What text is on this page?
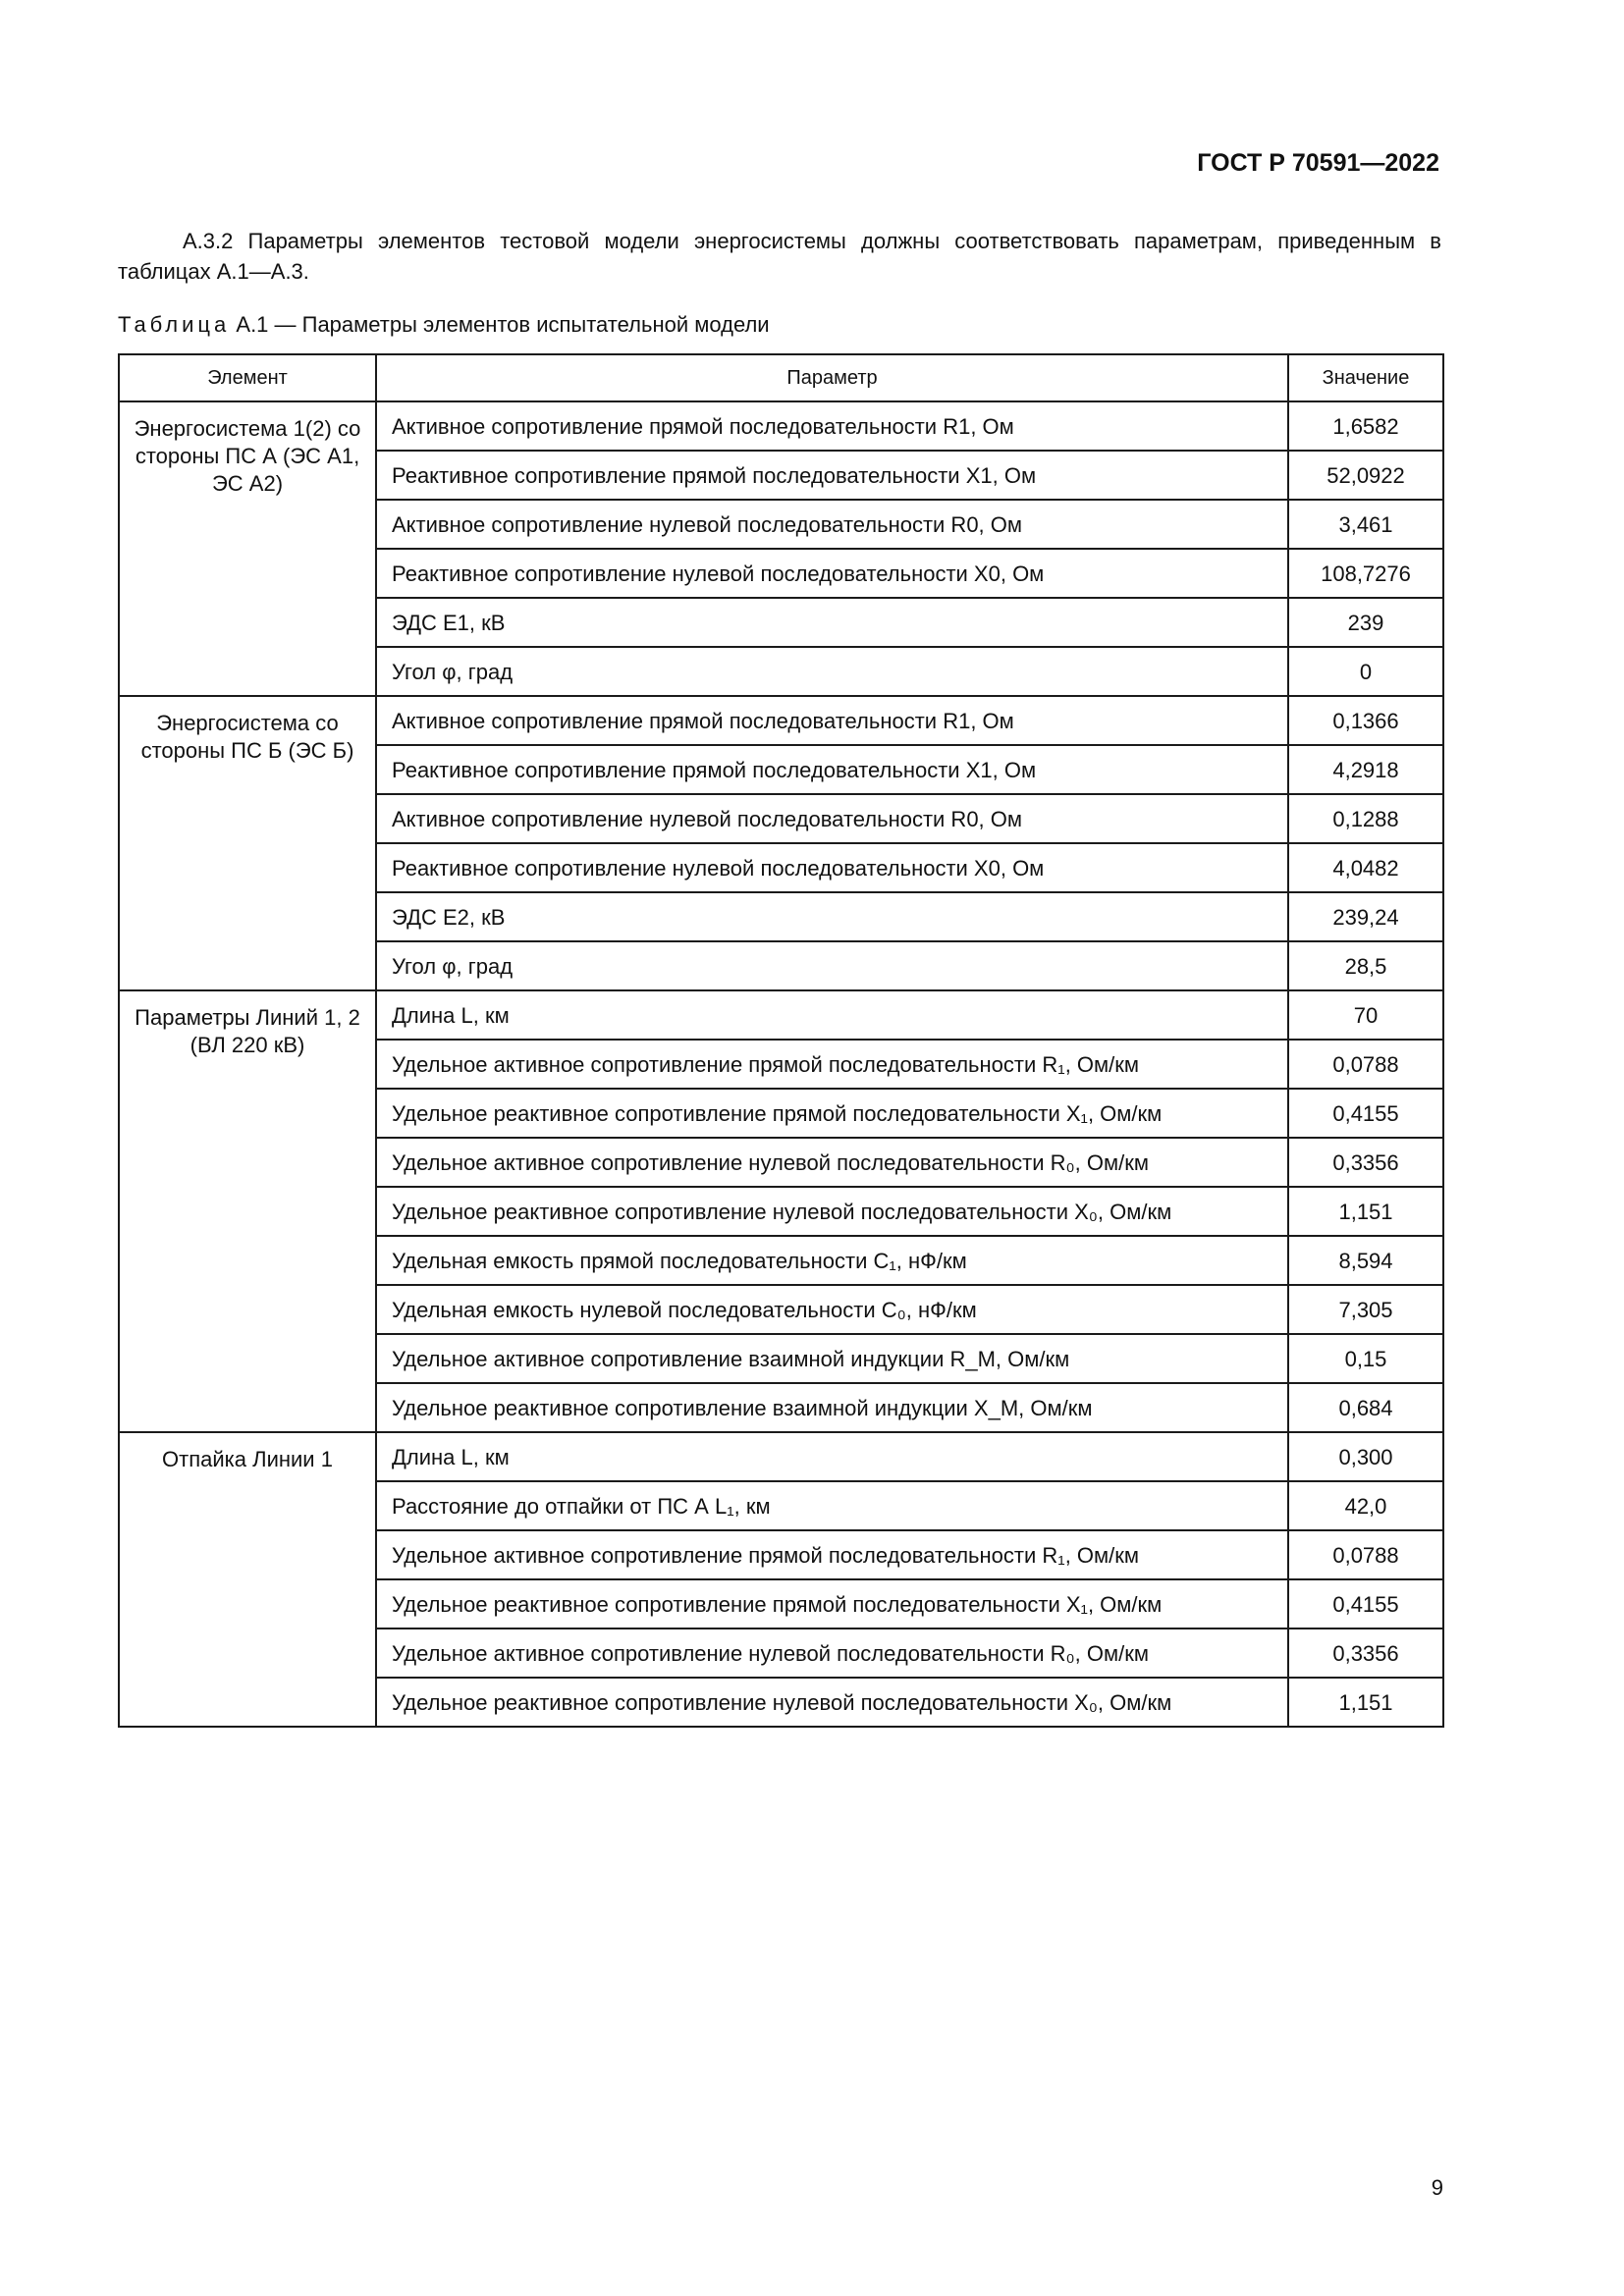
ГОСТ Р 70591—2022

А.3.2 Параметры элементов тестовой модели энергосистемы должны соответствовать параметрам, приведенным в таблицах А.1—А.3.

Таблица А.1 — Параметры элементов испытательной модели
Элемент	Параметр	Значение
Энергосистема 1(2) со стороны ПС А (ЭС А1, ЭС А2)	Активное сопротивление прямой последовательности R1, Ом	1,6582
	Реактивное сопротивление прямой последовательности X1, Ом	52,0922
	Активное сопротивление нулевой последовательности R0, Ом	3,461
	Реактивное сопротивление нулевой последовательности X0, Ом	108,7276
	ЭДС Е1, кВ	239
	Угол φ, град	0
Энергосистема со стороны ПС Б (ЭС Б)	Активное сопротивление прямой последовательности R1, Ом	0,1366
	Реактивное сопротивление прямой последовательности X1, Ом	4,2918
	Активное сопротивление нулевой последовательности R0, Ом	0,1288
	Реактивное сопротивление нулевой последовательности X0, Ом	4,0482
	ЭДС Е2, кВ	239,24
	Угол φ, град	28,5
Параметры Линий 1, 2 (ВЛ 220 кВ)	Длина L, км	70
	Удельное активное сопротивление прямой последовательности R₁, Ом/км	0,0788
	Удельное реактивное сопротивление прямой последовательности X₁, Ом/км	0,4155
	Удельное активное сопротивление нулевой последовательности R₀, Ом/км	0,3356
	Удельное реактивное сопротивление нулевой последовательности X₀, Ом/км	1,151
	Удельная емкость прямой последовательности C₁, нФ/км	8,594
	Удельная емкость нулевой последовательности C₀, нФ/км	7,305
	Удельное активное сопротивление взаимной индукции R_M, Ом/км	0,15
	Удельное реактивное сопротивление взаимной индукции X_M, Ом/км	0,684
Отпайка Линии 1	Длина L, км	0,300
	Расстояние до отпайки от ПС А L₁, км	42,0
	Удельное активное сопротивление прямой последовательности R₁, Ом/км	0,0788
	Удельное реактивное сопротивление прямой последовательности X₁, Ом/км	0,4155
	Удельное активное сопротивление нулевой последовательности R₀, Ом/км	0,3356
	Удельное реактивное сопротивление нулевой последовательности X₀, Ом/км	1,151
9
